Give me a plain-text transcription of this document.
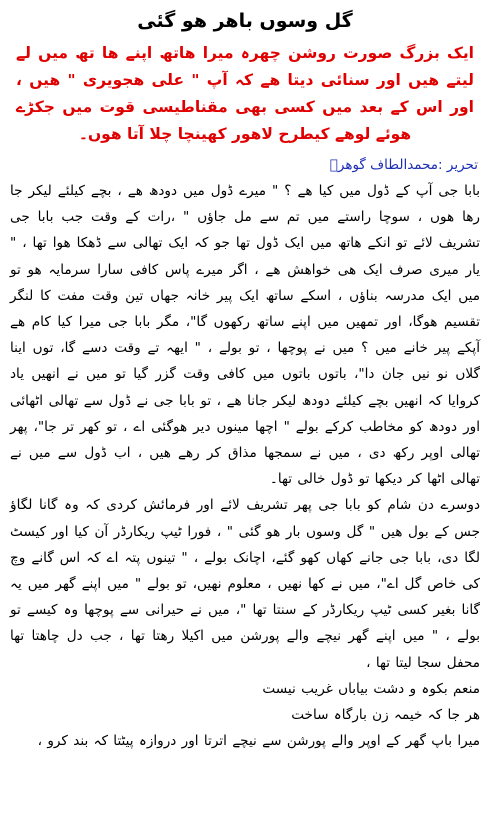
گل وسوں باھر ھو گئی

ایک بزرگ صورت روشن چھرہ میرا ھاتھ اپنے ھا تھ میں لے لیتے ھیں اور سنائی دیتا ھے کہ آپ " علی ھجویری " ھیں ، اور اس کے بعد میں کسی بھی مقناطیسی قوت میں جکڑے ھوئے لوھے کیطرح لاھور کھینچا چلا آتا ھوں۔

تحریر :محمدالطاف گوھرؔ

بابا جی آپ کے ڈول میں کیا ھے ؟ " میرے ڈول میں دودھ ھے ، بچے کیلئے لیکر جا رھا ھوں ، سوچا راستے میں تم سے مل جاؤں " ،رات کے وقت جب بابا جی تشریف لائے تو انکے ھاتھ میں ایک ڈول تھا جو کہ ایک تھالی سے ڈھکا ھوا تھا ، " یار میری صرف ایک ھی خواھش ھے ، اگر میرے پاس کافی سارا سرمایہ ھو تو میں ایک مدرسہ بناؤں ، اسکے ساتھ ایک پیر خانہ جھاں تین وقت مفت کا لنگر تقسیم ھوگا، اور تمھیں میں اپنے ساتھ رکھوں گا"، مگر بابا جی میرا کیا کام ھے آپکے پیر خانے میں ؟ میں نے پوچھا ، تو بولے ، " ایھہ تے وقت دسے گا، توں اینا گلاں نو نیں جان دا"، باتوں باتوں میں کافی وقت گزر گیا تو میں نے انھیں یاد کروایا کہ انھیں بچے کیلئے دودھ لیکر جانا ھے ، تو بابا جی نے ڈول سے تھالی اٹھائی اور دودھ کو مخاطب کرکے بولے " اچھا مینوں دیر ھوگئی اے ، تو کھر تر جا"، پھر تھالی اوپر رکھ دی ، میں نے سمجھا مذاق کر رھے ھیں ، اب ڈول سے میں نے تھالی اٹھا کر دیکھا تو ڈول خالی تھا۔

دوسرے دن شام کو بابا جی پھر تشریف لائے اور فرمائش کردی کہ وہ گانا لگاؤ جس کے بول ھیں " گل وسوں بار ھو گئی " ، فورا ٹیپ ریکارڈر آن کیا اور کیسٹ لگا دی، بابا جی جانے کھاں کھو گئے، اچانک بولے ، " تینوں پتہ اے کہ اس گانے وچ کی خاص گل اے"، میں نے کھا نھیں ، معلوم نھیں، تو بولے " میں اپنے گھر میں یہ گانا بغیر کسی ٹیپ ریکارڈر کے سنتا تھا "، میں نے حیرانی سے پوچھا وہ کیسے تو بولے ، " میں اپنے گھر نیچے والے پورشن میں اکیلا رھتا تھا ، جب دل چاھتا تھا محفل سجا لیتا تھا ،

منعم بکوہ و دشت بیاباں غریب نیست

ھر جا کہ خیمہ زن بارگاہ ساخت

میرا باپ گھر کے اوپر والے پورشن سے نیچے اترتا اور دروازہ پیٹتا کہ بند کرو ،
